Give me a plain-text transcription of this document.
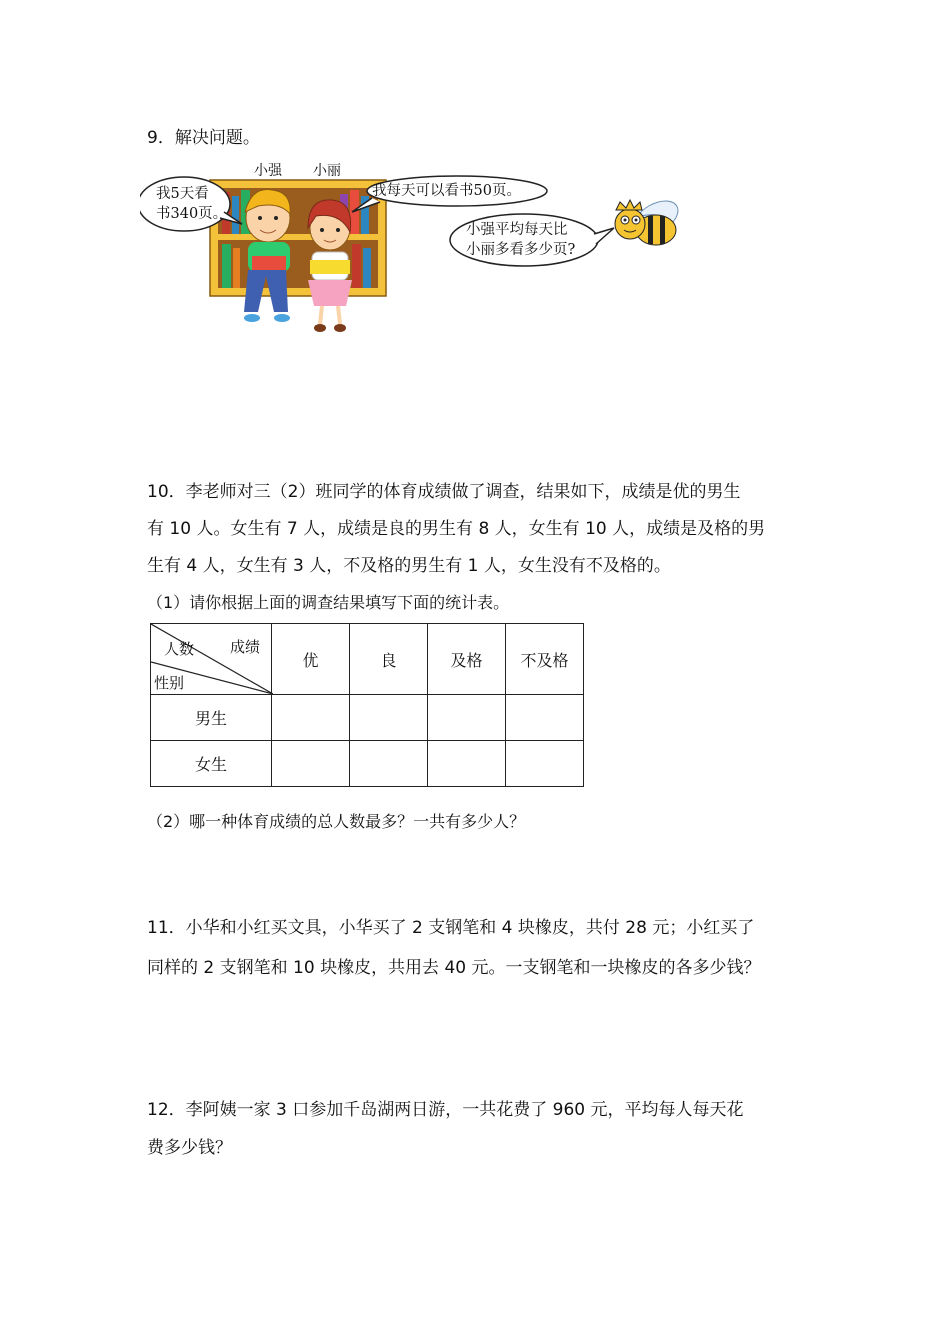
9．解决问题。
小强 小丽
我5天看
书340页。
我每天可以看书50页。
小强平均每天比
小丽多看多少页?
10．李老师对三（2）班同学的体育成绩做了调查，结果如下，成绩是优的男生
有 10 人。女生有 7 人，成绩是良的男生有 8 人，女生有 10 人，成绩是及格的男
生有 4 人，女生有 3 人，不及格的男生有 1 人，女生没有不及格的。
（1）请你根据上面的调查结果填写下面的统计表。
人数 成绩
性别	优	良	及格	不及格
男生				
女生				
（2）哪一种体育成绩的总人数最多？一共有多少人？
11．小华和小红买文具，小华买了 2 支钢笔和 4 块橡皮，共付 28 元；小红买了
同样的 2 支钢笔和 10 块橡皮，共用去 40 元。一支钢笔和一块橡皮的各多少钱？
12．李阿姨一家 3 口参加千岛湖两日游，一共花费了 960 元，平均每人每天花
费多少钱？
